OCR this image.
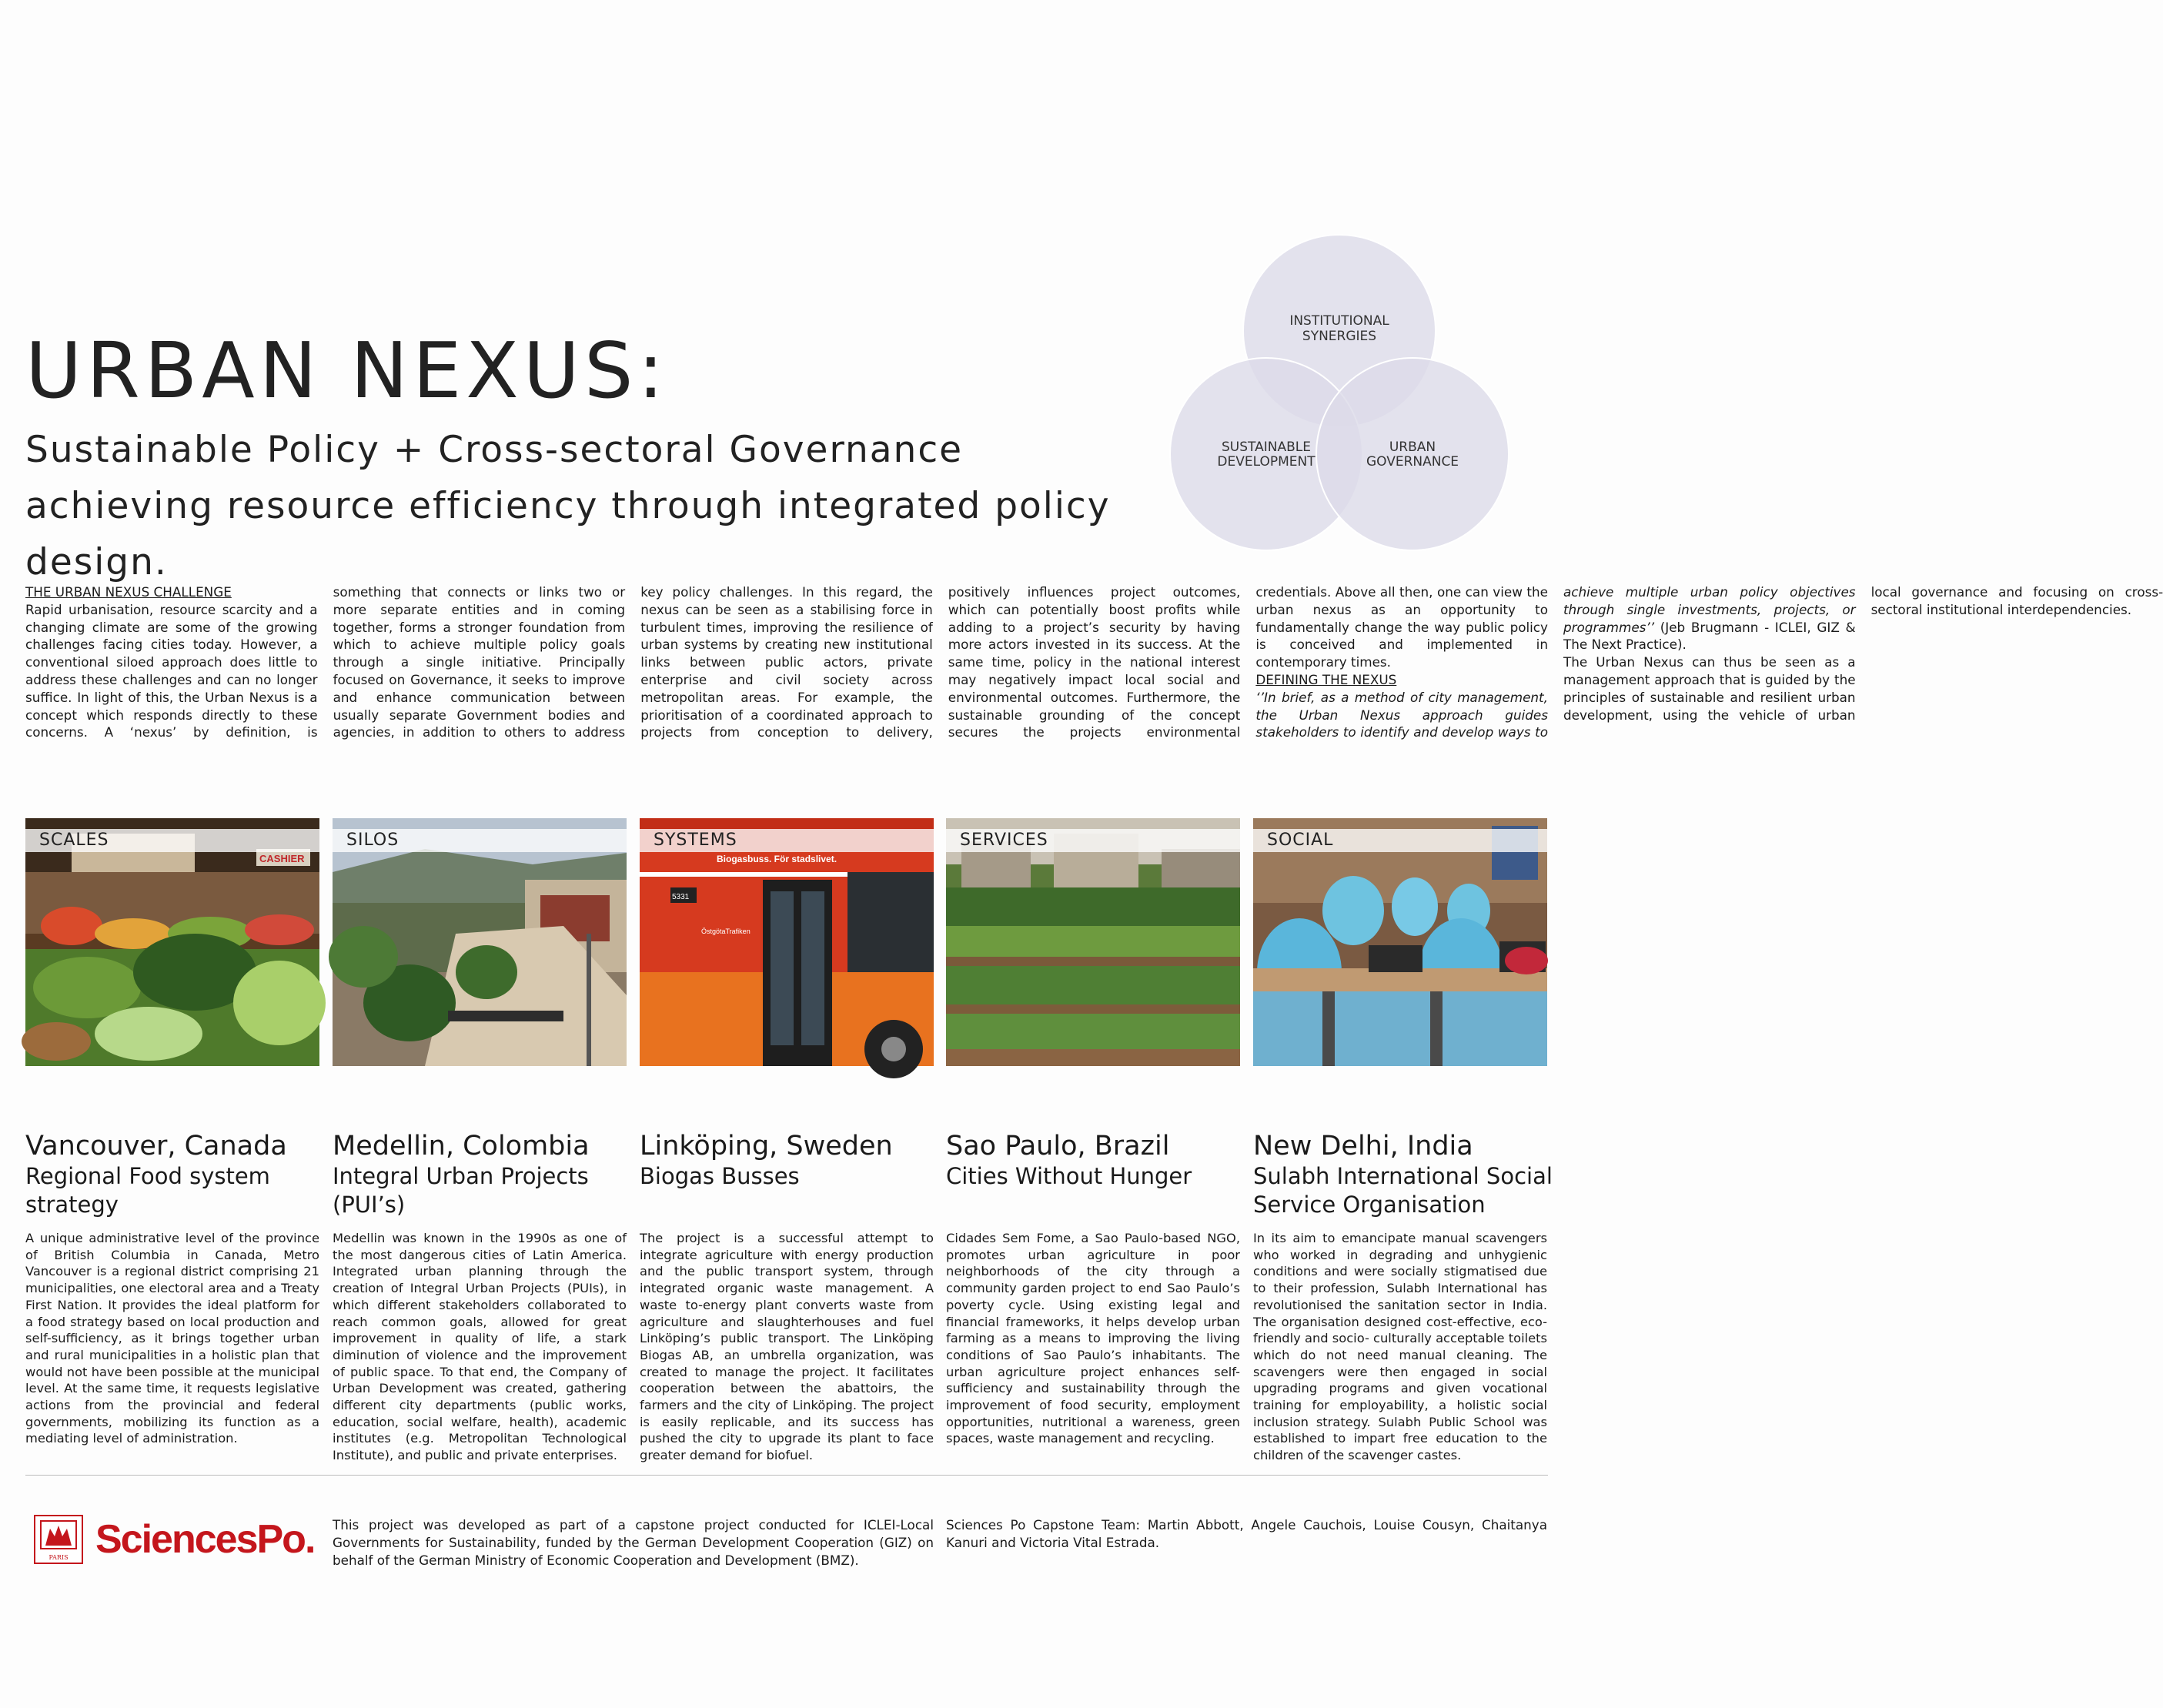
URBAN NEXUS:

Sustainable Policy + Cross-sectoral Governance achieving resource efficiency through integrated policy design.

INSTITUTIONAL
SYNERGIES
SUSTAINABLE
DEVELOPMENT
URBAN
GOVERNANCE

THE URBAN NEXUS CHALLENGE

Rapid urbanisation, resource scarcity and a changing climate are some of the growing challenges facing cities today. However, a conventional siloed approach does little to address these challenges and can no longer suffice. In light of this, the Urban Nexus is a concept which responds directly to these concerns. A ‘nexus’ by definition, is something that connects or links two or more separate entities and in coming together, forms a stronger foundation from which to achieve multiple policy goals through a single initiative. Principally focused on Governance, it seeks to improve and enhance communication between usually separate Government bodies and agencies, in addition to others to address key policy challenges. In this regard, the nexus can be seen as a stabilising force in turbulent times, improving the resilience of urban systems by creating new institutional links between public actors, private enterprise and civil society across metropolitan areas. For example, the prioritisation of a coordinated approach to projects from conception to delivery, positively influences project outcomes, which can potentially boost profits while adding to a project’s security by having more actors invested in its success. At the same time, policy in the national interest may negatively impact local social and environmental outcomes. Furthermore, the sustainable grounding of the concept secures the projects environmental credentials. Above all then, one can view the urban nexus as an opportunity to fundamentally change the way public policy is conceived and implemented in contemporary times.

DEFINING THE NEXUS

‘’In brief, as a method of city management, the Urban Nexus approach guides stakeholders to identify and develop ways to achieve multiple urban policy objectives through single investments, projects, or programmes’’ (Jeb Brugmann - ICLEI, GIZ & The Next Practice).

The Urban Nexus can thus be seen as a management approach that is guided by the principles of sustainable and resilient urban development, using the vehicle of urban local governance and focusing on cross-sectoral institutional interdependencies.

CASHIER
SCALES
Vancouver, Canada
Regional Food system strategy

A unique administrative level of the province of British Columbia in Canada, Metro Vancouver is a regional district comprising 21 municipalities, one electoral area and a Treaty First Nation. It provides the ideal platform for a food strategy based on local production and self-sufficiency, as it brings together urban and rural municipalities in a holistic plan that would not have been possible at the municipal level. At the same time, it requests legislative actions from the provincial and federal governments, mobilizing its function as a mediating level of administration.

SILOS
Medellin, Colombia
Integral Urban Projects (PUI’s)

Medellin was known in the 1990s as one of the most dangerous cities of Latin America. Integrated urban planning through the creation of Integral Urban Projects (PUIs), in which different stakeholders collaborated to reach common goals, allowed for great improvement in quality of life, a stark diminution of violence and the improvement of public space. To that end, the Company of Urban Development was created, gathering different city departments (public works, education, social welfare, health), academic institutes (e.g. Metropolitan Technological Institute), and public and private enterprises.

Biogasbuss. För stadslivet.
5331
ÖstgötaTrafiken
SYSTEMS
Linköping, Sweden
Biogas Busses

The project is a successful attempt to integrate agriculture with energy production and the public transport system, through integrated organic waste management. A waste to-energy plant converts waste from agriculture and slaughterhouses and fuel Linköping’s public transport. The Linköping Biogas AB, an umbrella organization, was created to manage the project. It facilitates cooperation between the abattoirs, the farmers and the city of Linköping. The project is easily replicable, and its success has pushed the city to upgrade its plant to face greater demand for biofuel.

SERVICES
Sao Paulo, Brazil
Cities Without Hunger

Cidades Sem Fome, a Sao Paulo-based NGO, promotes urban agriculture in poor neighborhoods of the city through a community garden project to end Sao Paulo’s poverty cycle. Using existing legal and financial frameworks, it helps develop urban farming as a means to improving the living conditions of Sao Paulo’s inhabitants. The urban agriculture project enhances self-sufficiency and sustainability through the improvement of food security, employment opportunities, nutritional a wareness, green spaces, waste management and recycling.

SOCIAL
New Delhi, India
Sulabh International Social Service Organisation

In its aim to emancipate manual scavengers who worked in degrading and unhygienic conditions and were socially stigmatised due to their profession, Sulabh International has revolutionised the sanitation sector in India. The organisation designed cost-effective, eco-friendly and socio- culturally acceptable toilets which do not need manual cleaning. The scavengers were then engaged in social upgrading programs and given vocational training for employability, a holistic social inclusion strategy. Sulabh Public School was established to impart free education to the children of the scavenger castes.

PARIS SciencesPo. This project was developed as part of a capstone project conducted for ICLEI-Local Governments for Sustainability, funded by the German Development Cooperation (GIZ) on behalf of the German Ministry of Economic Cooperation and Development (BMZ).

Sciences Po Capstone Team: Martin Abbott, Angele Cauchois, Louise Cousyn, Chaitanya Kanuri and Victoria Vital Estrada.
